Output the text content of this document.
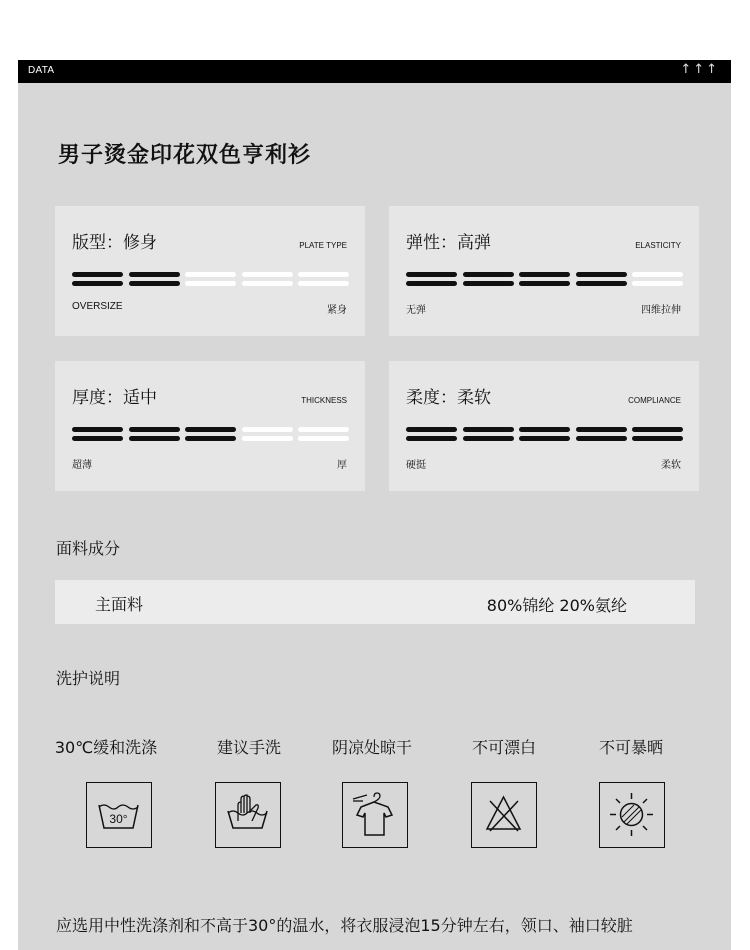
DATA	↑↑↑
男子烫金印花双色亨利衫
版型：修身	PLATE TYPE
OVERSIZE	紧身
弹性：高弹	ELASTICITY
无弹	四维拉伸
厚度：适中	THICKNESS
超薄	厚
柔度：柔软	COMPLIANCE
硬挺	柔软
面料成分
主面料	80%锦纶 20%氨纶
洗护说明
30℃缓和洗涤	建议手洗	阴凉处晾干	不可漂白	不可暴晒
30°
应选用中性洗涤剂和不高于30°的温水，将衣服浸泡15分钟左右，领口、袖口较脏
